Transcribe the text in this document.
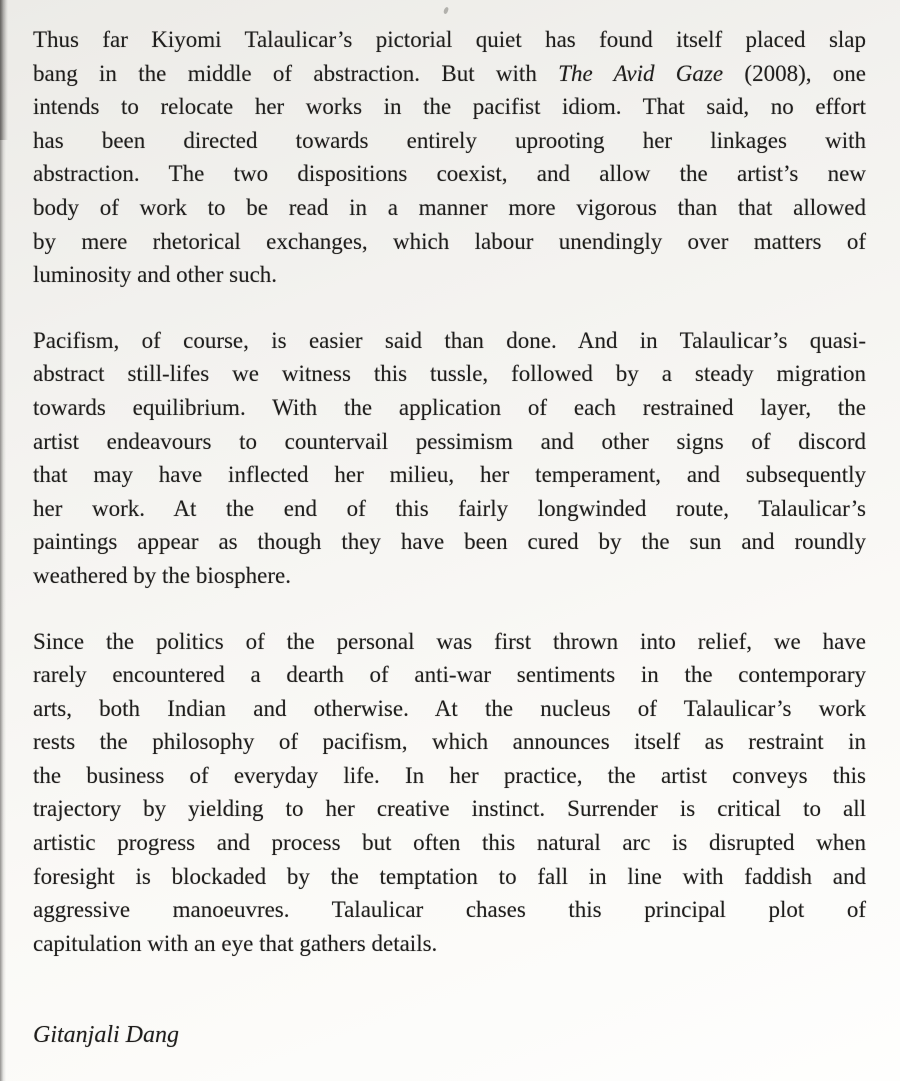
Thus far Kiyomi Talaulicar’s pictorial quiet has found itself placed slap
bang in the middle of abstraction. But with The Avid Gaze (2008), one
intends to relocate her works in the pacifist idiom. That said, no effort
has been directed towards entirely uprooting her linkages with
abstraction. The two dispositions coexist, and allow the artist’s new
body of work to be read in a manner more vigorous than that allowed
by mere rhetorical exchanges, which labour unendingly over matters of
luminosity and other such.
Pacifism, of course, is easier said than done. And in Talaulicar’s quasi-
abstract still-lifes we witness this tussle, followed by a steady migration
towards equilibrium. With the application of each restrained layer, the
artist endeavours to countervail pessimism and other signs of discord
that may have inflected her milieu, her temperament, and subsequently
her work. At the end of this fairly longwinded route, Talaulicar’s
paintings appear as though they have been cured by the sun and roundly
weathered by the biosphere.
Since the politics of the personal was first thrown into relief, we have
rarely encountered a dearth of anti-war sentiments in the contemporary
arts, both Indian and otherwise. At the nucleus of Talaulicar’s work
rests the philosophy of pacifism, which announces itself as restraint in
the business of everyday life. In her practice, the artist conveys this
trajectory by yielding to her creative instinct. Surrender is critical to all
artistic progress and process but often this natural arc is disrupted when
foresight is blockaded by the temptation to fall in line with faddish and
aggressive manoeuvres. Talaulicar chases this principal plot of
capitulation with an eye that gathers details.
Gitanjali Dang
